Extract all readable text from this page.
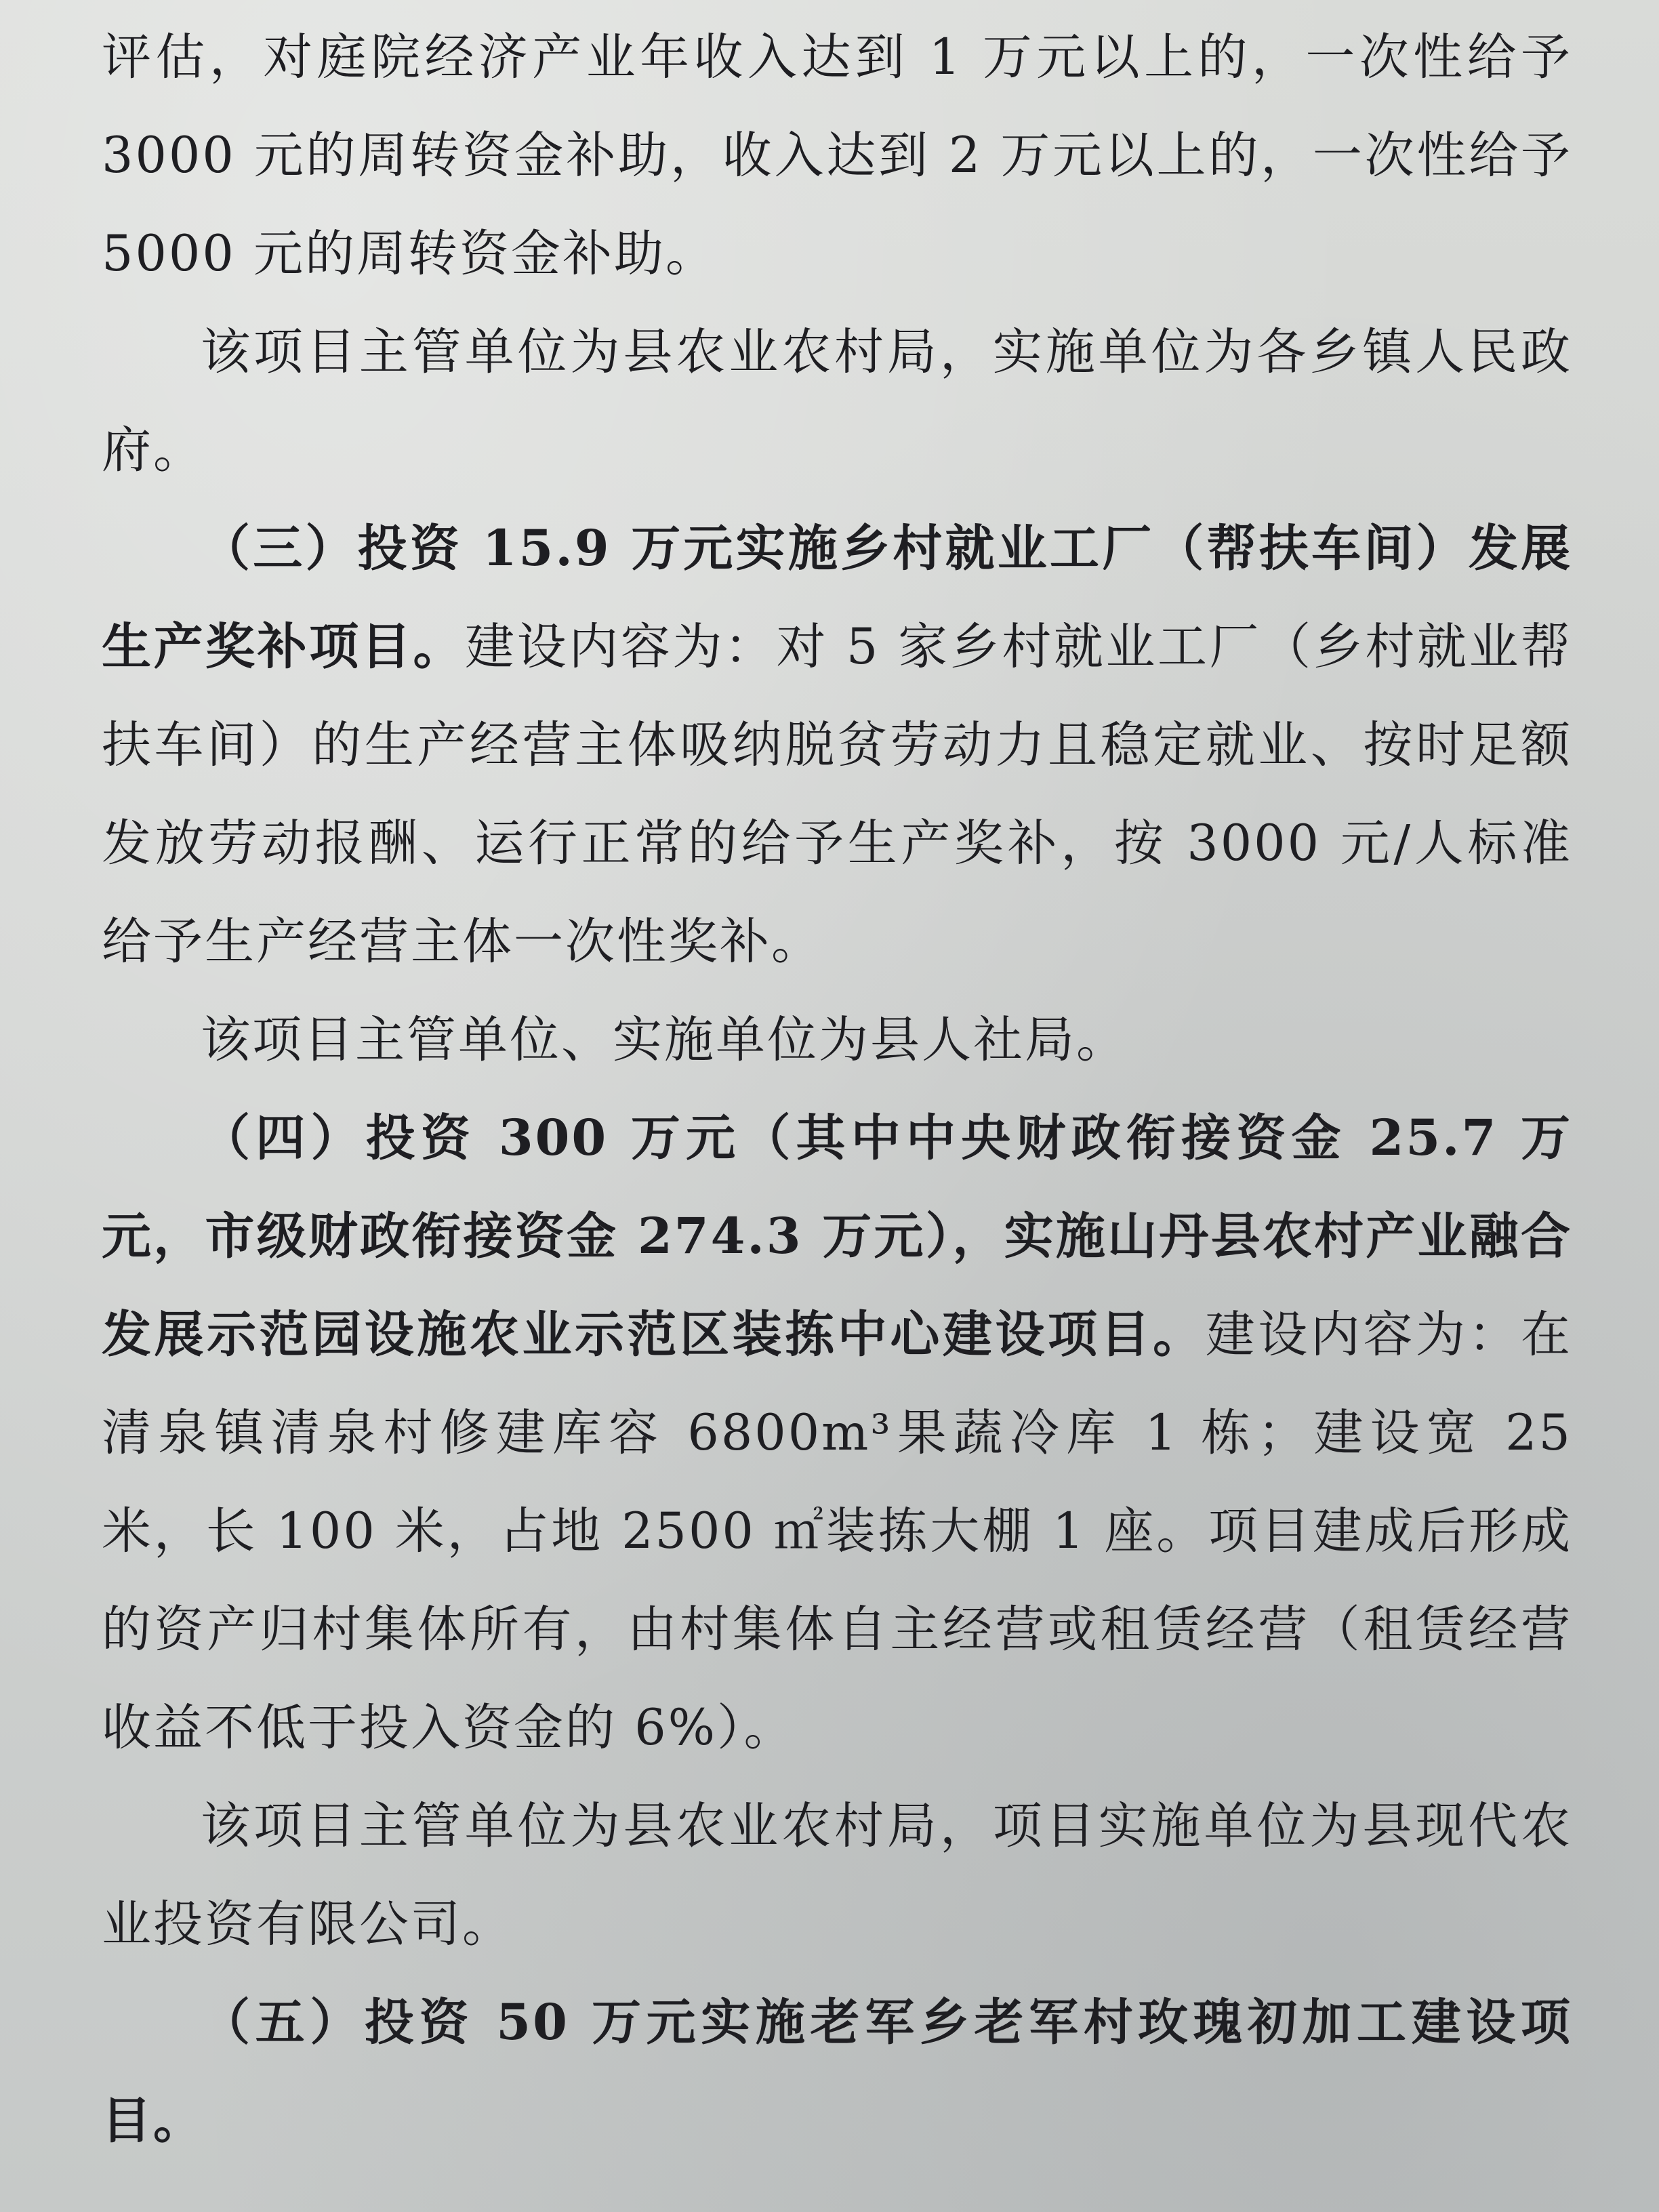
评估，对庭院经济产业年收入达到 1 万元以上的，一次性给予3000 元的周转资金补助，收入达到 2 万元以上的，一次性给予5000 元的周转资金补助。

该项目主管单位为县农业农村局，实施单位为各乡镇人民政府。

（三）投资 15.9 万元实施乡村就业工厂（帮扶车间）发展生产奖补项目。建设内容为：对 5 家乡村就业工厂（乡村就业帮扶车间）的生产经营主体吸纳脱贫劳动力且稳定就业、按时足额发放劳动报酬、运行正常的给予生产奖补，按 3000 元/人标准给予生产经营主体一次性奖补。

该项目主管单位、实施单位为县人社局。

（四）投资 300 万元（其中中央财政衔接资金 25.7 万元，市级财政衔接资金 274.3 万元），实施山丹县农村产业融合发展示范园设施农业示范区装拣中心建设项目。建设内容为：在清泉镇清泉村修建库容 6800m³果蔬冷库 1 栋；建设宽 25 米，长 100 米，占地 2500 ㎡装拣大棚 1 座。项目建成后形成的资产归村集体所有，由村集体自主经营或租赁经营（租赁经营收益不低于投入资金的 6%）。

该项目主管单位为县农业农村局，项目实施单位为县现代农业投资有限公司。

（五）投资 50 万元实施老军乡老军村玫瑰初加工建设项目。
